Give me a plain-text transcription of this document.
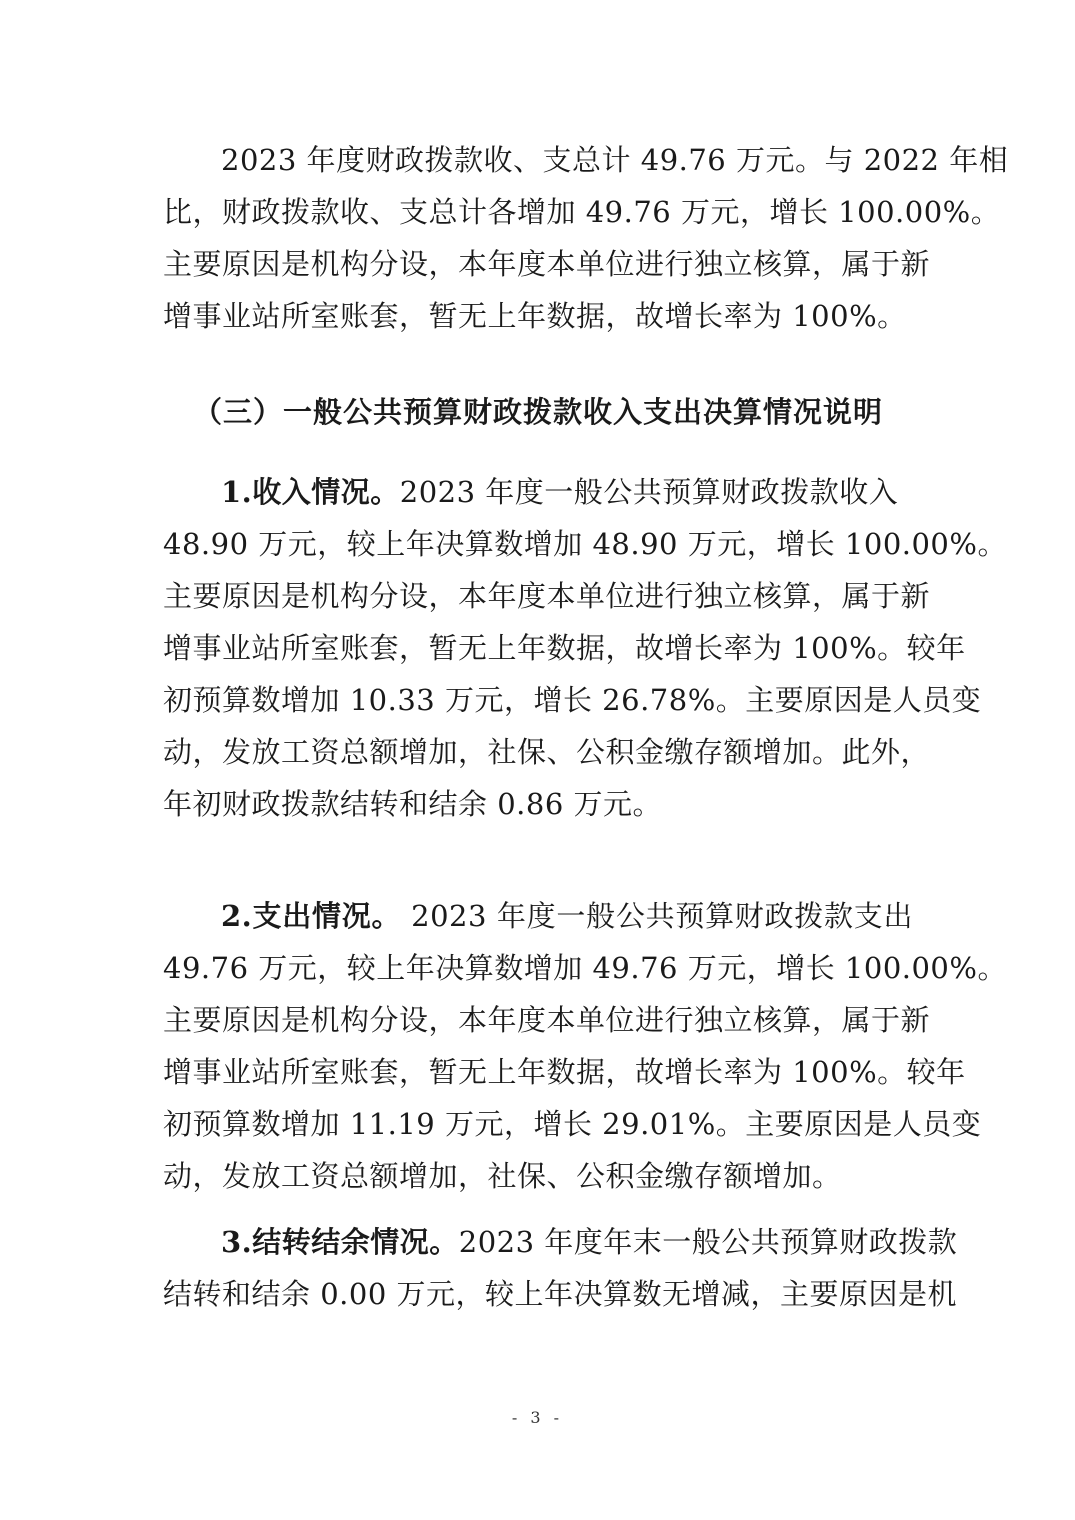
2023 年度财政拨款收、支总计 49.76 万元。与 2022 年相
比，财政拨款收、支总计各增加 49.76 万元，增长 100.00%。
主要原因是机构分设，本年度本单位进行独立核算，属于新
增事业站所室账套，暂无上年数据，故增长率为 100%。
（三）一般公共预算财政拨款收入支出决算情况说明
1.收入情况。2023 年度一般公共预算财政拨款收入
48.90 万元，较上年决算数增加 48.90 万元，增长 100.00%。
主要原因是机构分设，本年度本单位进行独立核算，属于新
增事业站所室账套，暂无上年数据，故增长率为 100%。较年
初预算数增加 10.33 万元，增长 26.78%。主要原因是人员变
动，发放工资总额增加，社保、公积金缴存额增加。此外，
年初财政拨款结转和结余 0.86 万元。
2.支出情况。 2023 年度一般公共预算财政拨款支出
49.76 万元，较上年决算数增加 49.76 万元，增长 100.00%。
主要原因是机构分设，本年度本单位进行独立核算，属于新
增事业站所室账套，暂无上年数据，故增长率为 100%。较年
初预算数增加 11.19 万元，增长 29.01%。主要原因是人员变
动，发放工资总额增加，社保、公积金缴存额增加。
3.结转结余情况。2023 年度年末一般公共预算财政拨款
结转和结余 0.00 万元，较上年决算数无增减，主要原因是机
- 3 -
